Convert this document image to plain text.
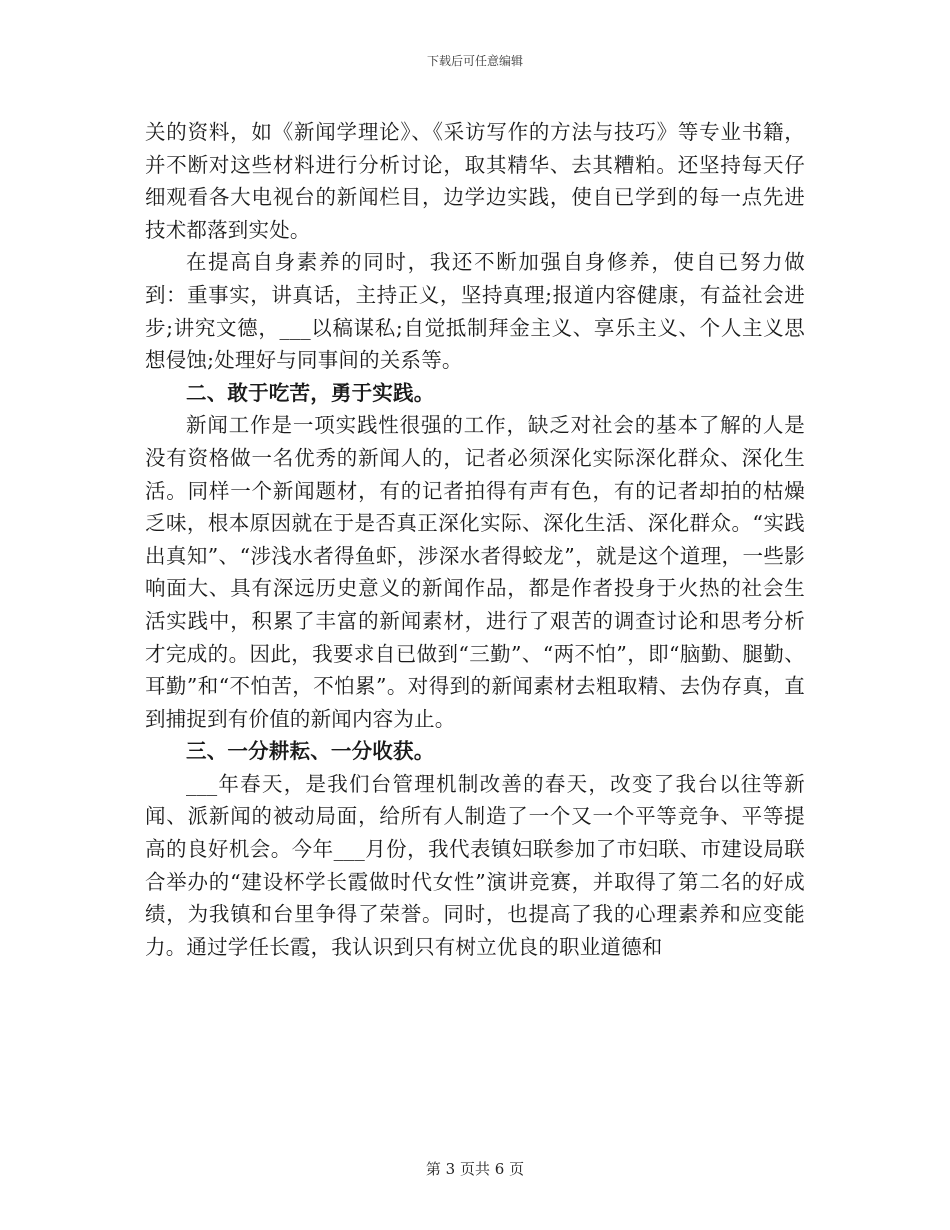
下载后可任意编辑

关的资料，如《新闻学理论》、《采访写作的方法与技巧》等专业书籍，并不断对这些材料进行分析讨论，取其精华、去其糟粕。还坚持每天仔细观看各大电视台的新闻栏目，边学边实践，使自已学到的每一点先进技术都落到实处。

在提高自身素养的同时，我还不断加强自身修养，使自已努力做到：重事实，讲真话，主持正义，坚持真理;报道内容健康，有益社会进步;讲究文德，___以稿谋私;自觉抵制拜金主义、享乐主义、个人主义思想侵蚀;处理好与同事间的关系等。

二、敢于吃苦，勇于实践。

新闻工作是一项实践性很强的工作，缺乏对社会的基本了解的人是没有资格做一名优秀的新闻人的，记者必须深化实际深化群众、深化生活。同样一个新闻题材，有的记者拍得有声有色，有的记者却拍的枯燥乏味，根本原因就在于是否真正深化实际、深化生活、深化群众。“实践出真知”、“涉浅水者得鱼虾，涉深水者得蛟龙”，就是这个道理，一些影响面大、具有深远历史意义的新闻作品，都是作者投身于火热的社会生活实践中，积累了丰富的新闻素材，进行了艰苦的调查讨论和思考分析才完成的。因此，我要求自已做到“三勤”、“两不怕”，即“脑勤、腿勤、耳勤”和“不怕苦，不怕累”。对得到的新闻素材去粗取精、去伪存真，直到捕捉到有价值的新闻内容为止。

三、一分耕耘、一分收获。

___年春天，是我们台管理机制改善的春天，改变了我台以往等新闻、派新闻的被动局面，给所有人制造了一个又一个平等竞争、平等提高的良好机会。今年___月份，我代表镇妇联参加了市妇联、市建设局联合举办的“建设杯学长霞做时代女性”演讲竞赛，并取得了第二名的好成绩，为我镇和台里争得了荣誉。同时，也提高了我的心理素养和应变能力。通过学任长霞，我认识到只有树立优良的职业道德和

第 3 页共 6 页
